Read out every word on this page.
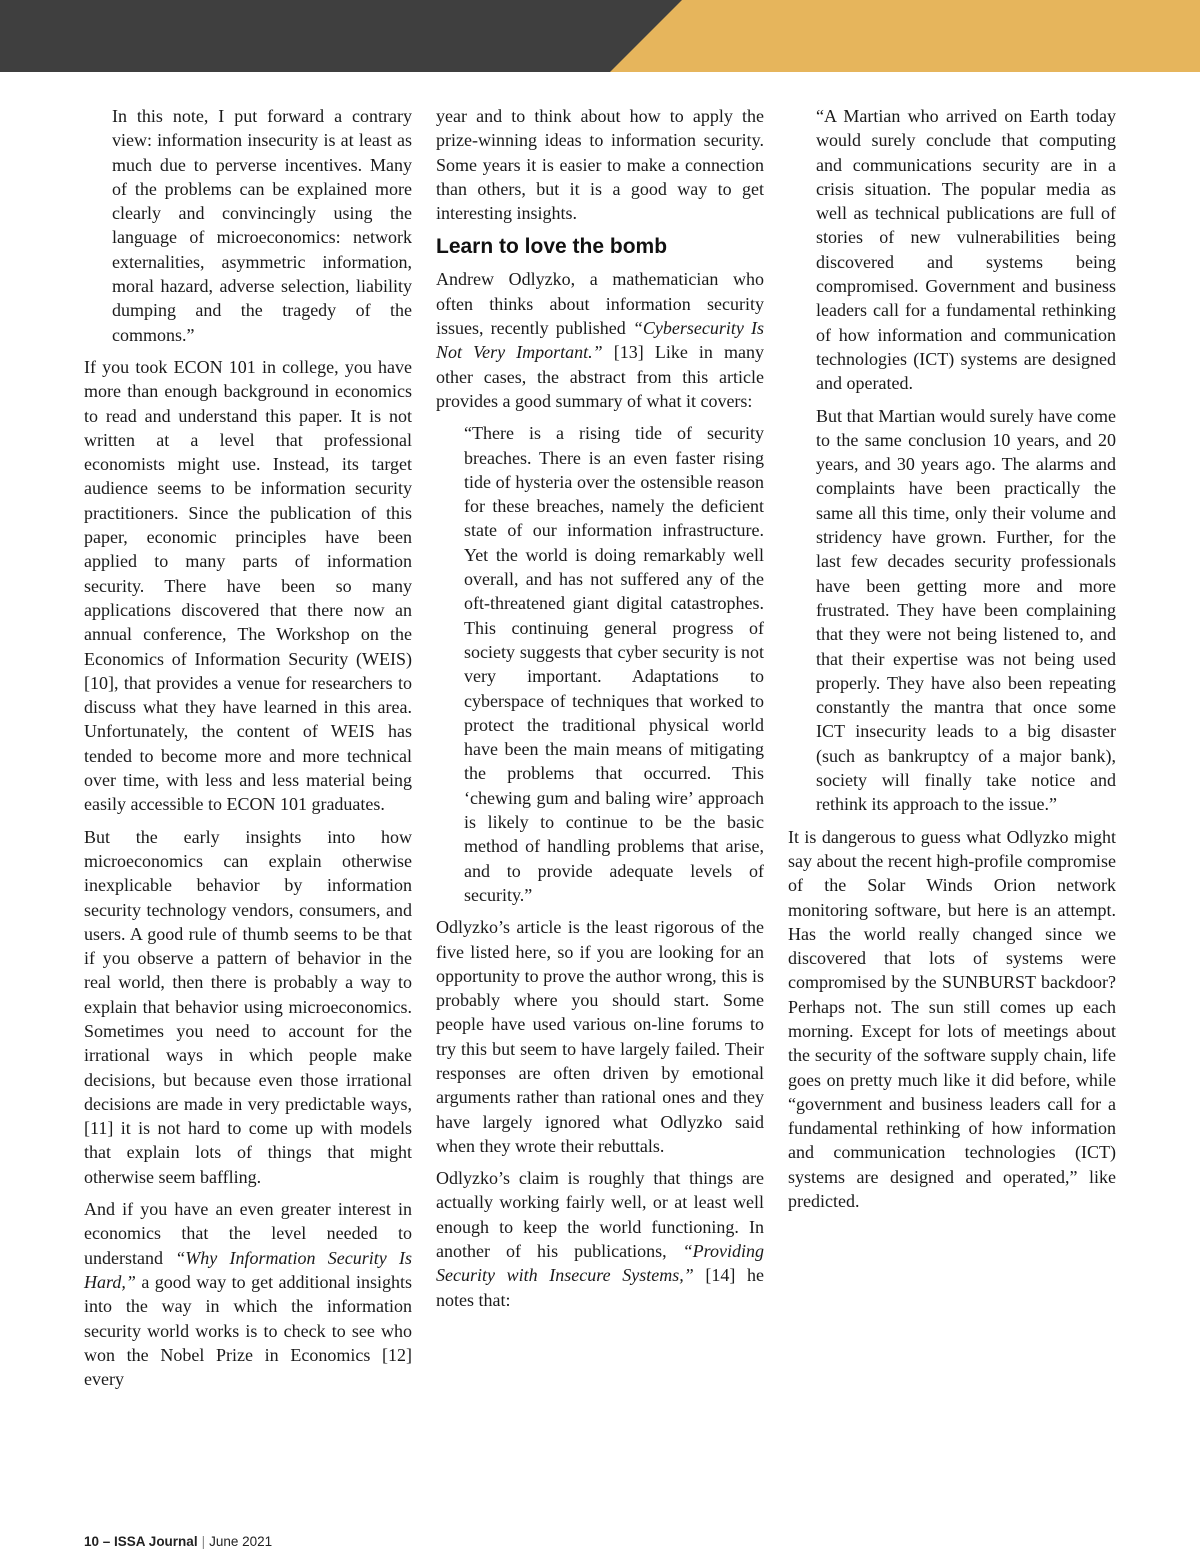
In this note, I put forward a contrary view: information insecurity is at least as much due to perverse incentives. Many of the problems can be explained more clearly and convincingly using the language of microeconomics: network externalities, asymmetric information, moral hazard, adverse selection, liability dumping and the tragedy of the commons.”

If you took ECON 101 in college, you have more than enough background in economics to read and understand this paper. It is not written at a level that professional economists might use. Instead, its target audience seems to be information security practitioners. Since the publication of this paper, economic principles have been applied to many parts of information security. There have been so many applications discovered that there now an annual conference, The Workshop on the Economics of Information Security (WEIS) [10], that provides a venue for researchers to discuss what they have learned in this area. Unfortunately, the content of WEIS has tended to become more and more technical over time, with less and less material being easily accessible to ECON 101 graduates.

But the early insights into how microeconomics can explain otherwise inexplicable behavior by information security technology vendors, consumers, and users. A good rule of thumb seems to be that if you observe a pattern of behavior in the real world, then there is probably a way to explain that behavior using microeconomics. Sometimes you need to account for the irrational ways in which people make decisions, but because even those irrational decisions are made in very predictable ways, [11] it is not hard to come up with models that explain lots of things that might otherwise seem baffling.

And if you have an even greater interest in economics that the level needed to understand “Why Information Security Is Hard,” a good way to get additional insights into the way in which the information security world works is to check to see who won the Nobel Prize in Economics [12] every

year and to think about how to apply the prize-winning ideas to information security. Some years it is easier to make a connection than others, but it is a good way to get interesting insights.

Learn to love the bomb

Andrew Odlyzko, a mathematician who often thinks about information security issues, recently published “Cybersecurity Is Not Very Important.” [13] Like in many other cases, the abstract from this article provides a good summary of what it covers:

“There is a rising tide of security breaches. There is an even faster rising tide of hysteria over the ostensible reason for these breaches, namely the deficient state of our information infrastructure. Yet the world is doing remarkably well overall, and has not suffered any of the oft-threatened giant digital catastrophes. This continuing general progress of society suggests that cyber security is not very important. Adaptations to cyberspace of techniques that worked to protect the traditional physical world have been the main means of mitigating the problems that occurred. This ‘chewing gum and baling wire’ approach is likely to continue to be the basic method of handling problems that arise, and to provide adequate levels of security.”

Odlyzko’s article is the least rigorous of the five listed here, so if you are looking for an opportunity to prove the author wrong, this is probably where you should start. Some people have used various on-line forums to try this but seem to have largely failed. Their responses are often driven by emotional arguments rather than rational ones and they have largely ignored what Odlyzko said when they wrote their rebuttals.

Odlyzko’s claim is roughly that things are actually working fairly well, or at least well enough to keep the world functioning. In another of his publications, “Providing Security with Insecure Systems,” [14] he notes that:

“A Martian who arrived on Earth today would surely conclude that computing and communications security are in a crisis situation. The popular media as well as technical publications are full of stories of new vulnerabilities being discovered and systems being compromised. Government and business leaders call for a fundamental rethinking of how information and communication technologies (ICT) systems are designed and operated.

But that Martian would surely have come to the same conclusion 10 years, and 20 years, and 30 years ago. The alarms and complaints have been practically the same all this time, only their volume and stridency have grown. Further, for the last few decades security professionals have been getting more and more frustrated. They have been complaining that they were not being listened to, and that their expertise was not being used properly. They have also been repeating constantly the mantra that once some ICT insecurity leads to a big disaster (such as bankruptcy of a major bank), society will finally take notice and rethink its approach to the issue.”

It is dangerous to guess what Odlyzko might say about the recent high-profile compromise of the Solar Winds Orion network monitoring software, but here is an attempt. Has the world really changed since we discovered that lots of systems were compromised by the SUNBURST backdoor? Perhaps not. The sun still comes up each morning. Except for lots of meetings about the security of the software supply chain, life goes on pretty much like it did before, while “government and business leaders call for a fundamental rethinking of how information and communication technologies (ICT) systems are designed and operated,” like predicted.

10 – ISSA Journal | June 2021
